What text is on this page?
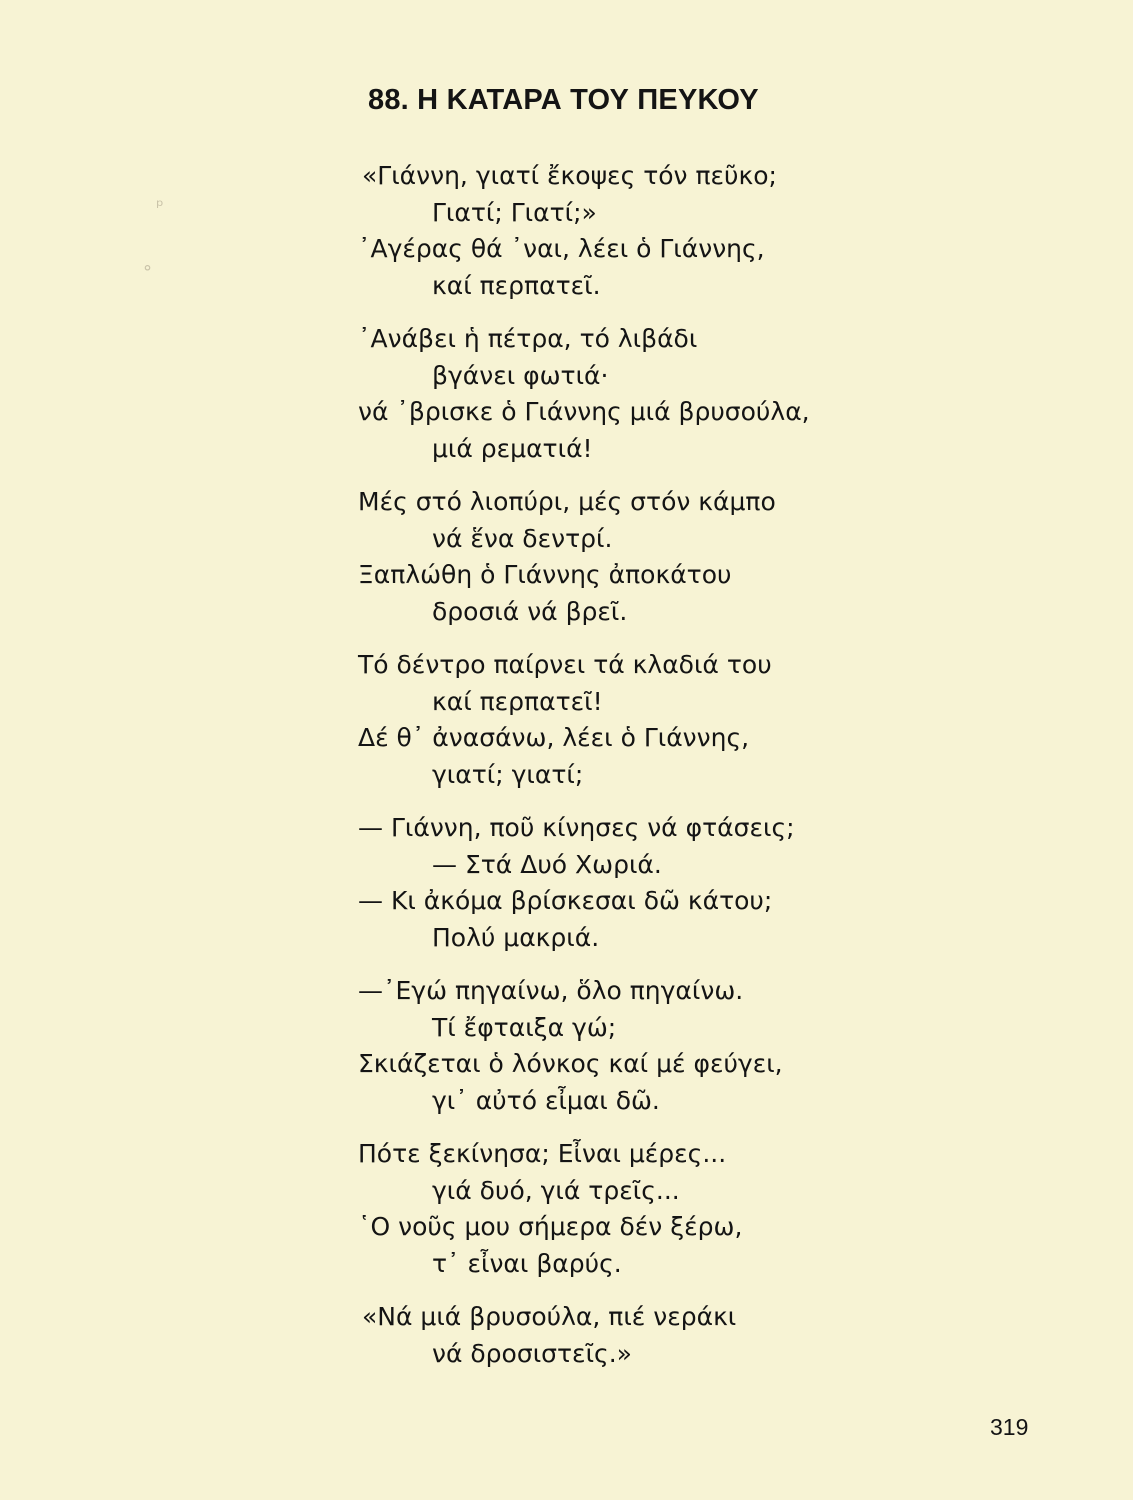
ᵖ
°
88. Η ΚΑΤΑΡΑ ΤΟΥ ΠΕΥΚΟΥ
«Γιάννη, γιατί ἔκοψες τόν πεῦκο;
Γιατί; Γιατί;»
᾿Αγέρας θά ᾿ναι, λέει ὁ Γιάννης,
καί περπατεῖ.
᾿Ανάβει ἡ πέτρα, τό λιβάδι
βγάνει φωτιά·
νά ᾿βρισκε ὁ Γιάννης μιά βρυσούλα,
μιά ρεματιά!
Μές στό λιοπύρι, μές στόν κάμπο
νά ἕνα δεντρί.
Ξαπλώθη ὁ Γιάννης ἀποκάτου
δροσιά νά βρεῖ.
Τό δέντρο παίρνει τά κλαδιά του
καί περπατεῖ!
Δέ θ᾿ ἀνασάνω, λέει ὁ Γιάννης,
γιατί; γιατί;
— Γιάννη, ποῦ κίνησες νά φτάσεις;
— Στά Δυό Χωριά.
— Κι ἀκόμα βρίσκεσαι δῶ κάτου;
Πολύ μακριά.
—᾿Εγώ πηγαίνω, ὅλο πηγαίνω.
Τί ἔφταιξα γώ;
Σκιάζεται ὁ λόνκος καί μέ φεύγει,
γι᾿ αὐτό εἶμαι δῶ.
Πότε ξεκίνησα; Εἶναι μέρες...
γιά δυό, γιά τρεῖς...
῾Ο νοῦς μου σήμερα δέν ξέρω,
τ᾿ εἶναι βαρύς.
«Νά μιά βρυσούλα, πιέ νεράκι
νά δροσιστεῖς.»
319
